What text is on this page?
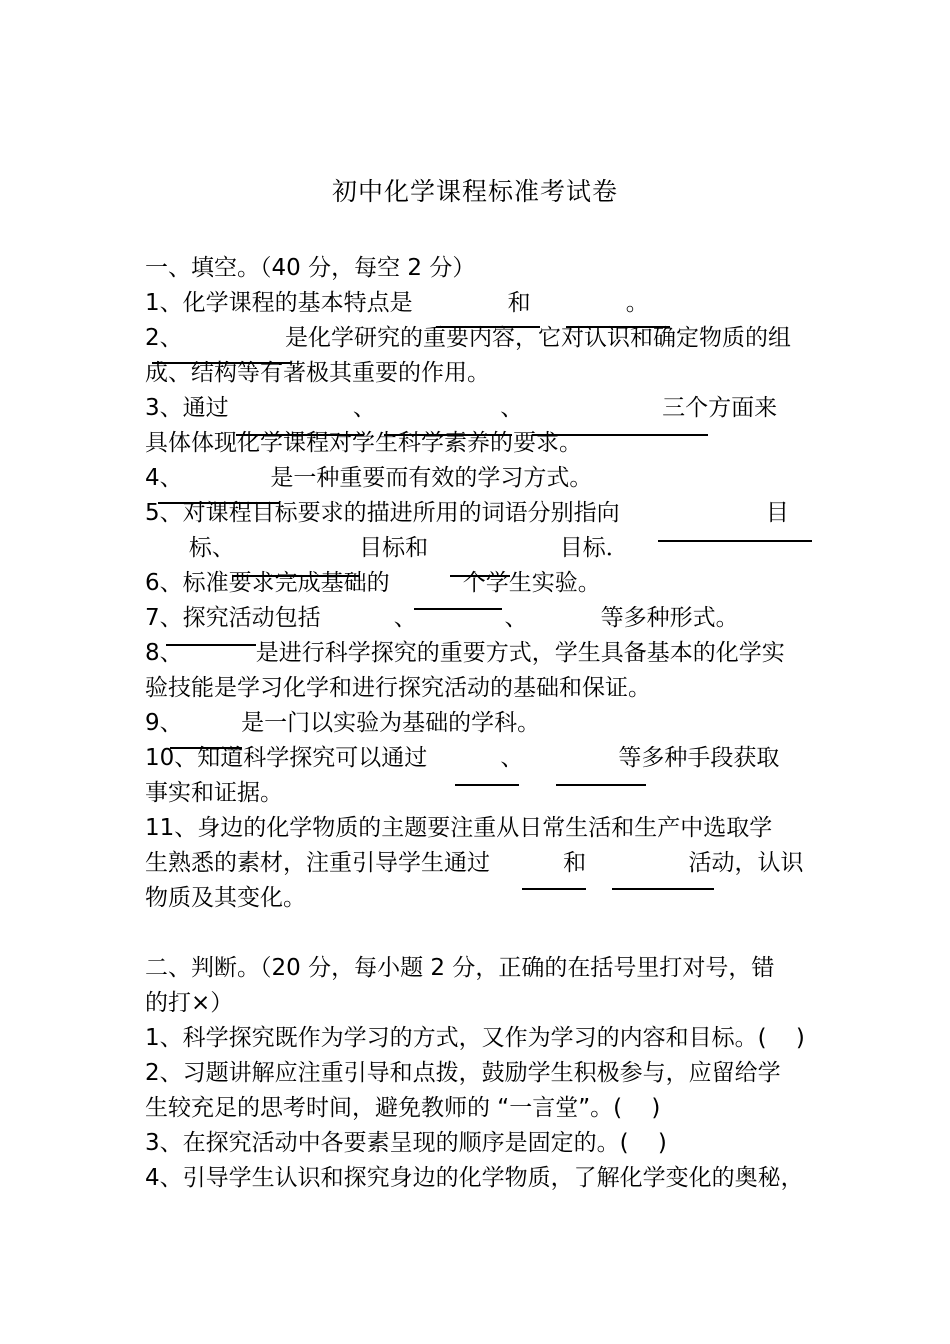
初中化学课程标准考试卷
一、填空。（40 分，每空 2 分）
1、化学课程的基本特点是             和             。
2、              是化学研究的重要内容，它对认识和确定物质的组
成、结构等有著极其重要的作用。
3、通过                 、                 、                   三个方面来
具体体现化学课程对学生科学素养的要求。
4、            是一种重要而有效的学习方式。
5、对课程目标要求的描进所用的词语分别指向                    目
标、                 目标和                  目标．
6、标准要求完成基础的          个学生实验。
7、探究活动包括          、            、          等多种形式。
8、          是进行科学探究的重要方式，学生具备基本的化学实
验技能是学习化学和进行探究活动的基础和保证。
9、        是一门以实验为基础的学科。
10、知道科学探究可以通过          、             等多种手段获取
事实和证据。
11、身边的化学物质的主题要注重从日常生活和生产中选取学
生熟悉的素材，注重引导学生通过          和              活动，认识
物质及其变化。
二、判断。（20 分，每小题 2 分，正确的在括号里打对号，错
的打×）
1、科学探究既作为学习的方式，又作为学习的内容和目标。(    )
2、习题讲解应注重引导和点拨，鼓励学生积极参与，应留给学
生较充足的思考时间，避免教师的 “一言堂”。(    )
3、在探究活动中各要素呈现的顺序是固定的。(    )
4、引导学生认识和探究身边的化学物质，了解化学变化的奥秘，
